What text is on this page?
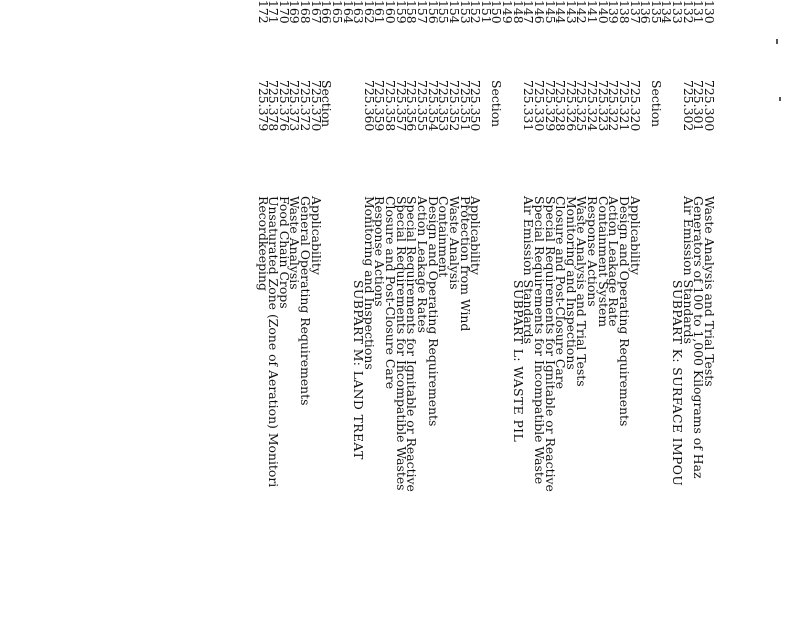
130
725.300
Waste Analysis and Trial Tests
131
725.301
Generators of 100 to 1,000 Kilograms of Haz
132
725.302
Air Emission Standards
133
SUBPART K: SURFACE IMPOU
134
135
Section
136
137
725.320
Applicability
138
725.321
Design and Operating Requirements
139
725.322
Action Leakage Rate
140
725.323
Containment System
141
725.324
Response Actions
142
725.325
Waste Analysis and Trial Tests
143
725.326
Monitoring and Inspections
144
725.328
Closure and Post-Closure Care
145
725.329
Special Requirements for Ignitable or Reactive
146
725.330
Special Requirements for Incompatible Waste
147
725.331
Air Emission Standards
148
SUBPART L: WASTE PIL
149
150
Section
151
152
725.350
Applicability
153
725.351
Protection from Wind
154
725.352
Waste Analysis
155
725.353
Containment
156
725.354
Design and Operating Requirements
157
725.355
Action Leakage Rates
158
725.356
Special Requirements for Ignitable or Reactive
159
725.357
Special Requirements for Incompatible Wastes
160
725.358
Closure and Post-Closure Care
161
725.359
Response Actions
162
725.360
Monitoring and Inspections
163
SUBPART M: LAND TREAT
164
165
166
Section
167
725.370
Applicability
168
725.372
General Operating Requirements
169
725.373
Waste Analysis
170
725.376
Food Chain Crops
171
725.378
Unsaturated Zone (Zone of Aeration) Monitori
172
725.379
Recordkeeping
